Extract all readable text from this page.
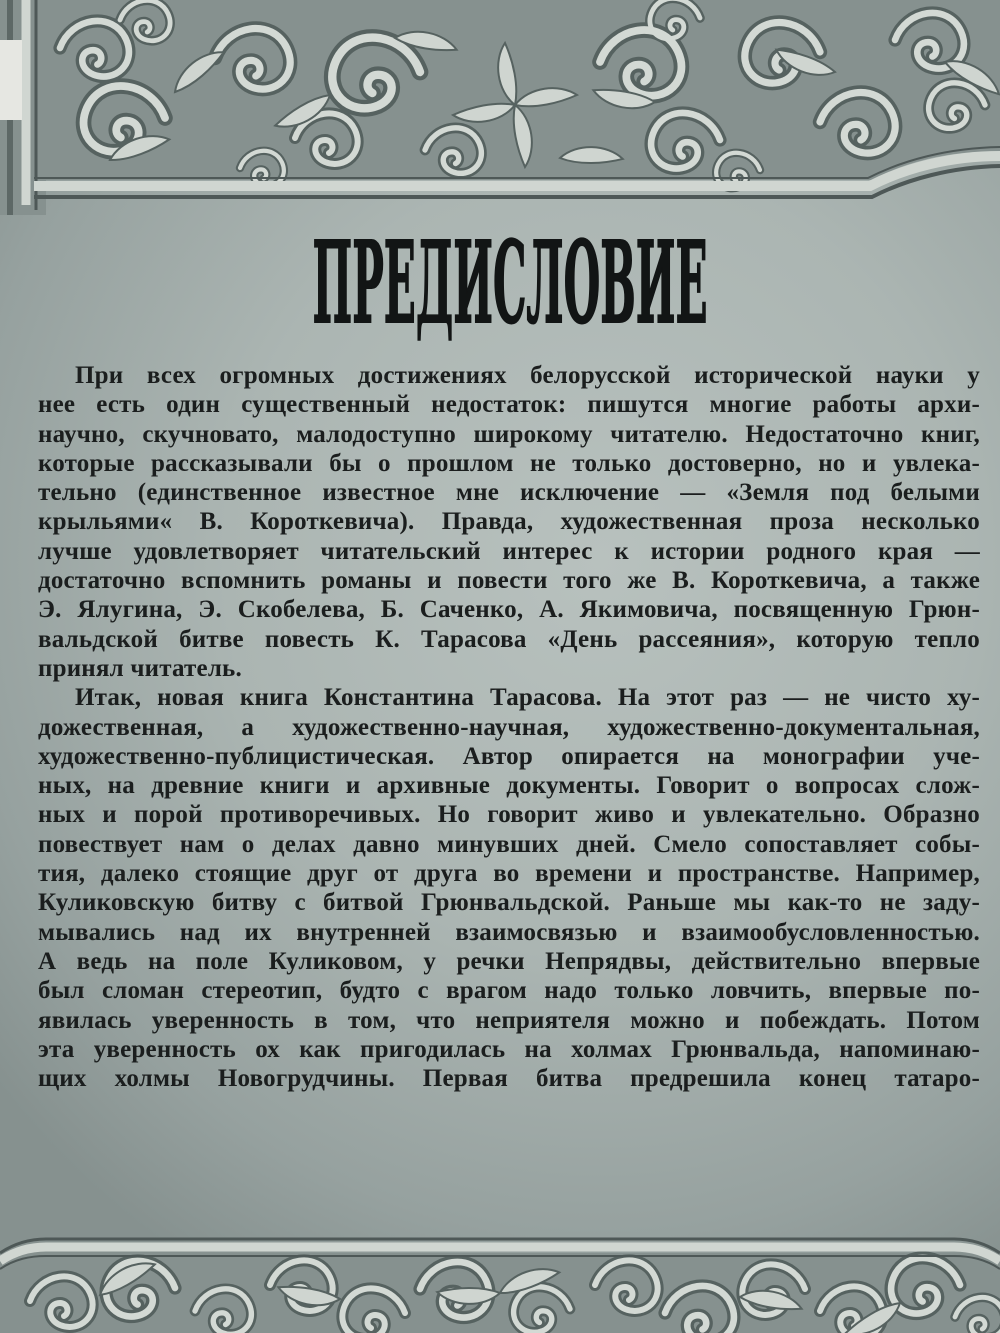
ПРЕДИСЛОВИЕ
При всех огромных достижениях белорусской исторической науки у
нее есть один существенный недостаток: пишутся многие работы архи-
научно, скучновато, малодоступно широкому читателю. Недостаточно книг,
которые рассказывали бы о прошлом не только достоверно, но и увлека-
тельно (единственное известное мне исключение — «Земля под белыми
крыльями« В. Короткевича). Правда, художественная проза несколько
лучше удовлетворяет читательский интерес к истории родного края —
достаточно вспомнить романы и повести того же В. Короткевича, а также
Э. Ялугина, Э. Скобелева, Б. Саченко, А. Якимовича, посвященную Грюн-
вальдской битве повесть К. Тарасова «День рассеяния», которую тепло
принял читатель.
Итак, новая книга Константина Тарасова. На этот раз — не чисто ху-
дожественная, а художественно-научная, художественно-документальная,
художественно-публицистическая. Автор опирается на монографии уче-
ных, на древние книги и архивные документы. Говорит о вопросах слож-
ных и порой противоречивых. Но говорит живо и увлекательно. Образно
повествует нам о делах давно минувших дней. Смело сопоставляет собы-
тия, далеко стоящие друг от друга во времени и пространстве. Например,
Куликовскую битву с битвой Грюнвальдской. Раньше мы как-то не заду-
мывались над их внутренней взаимосвязью и взаимообусловленностью.
А ведь на поле Куликовом, у речки Непрядвы, действительно впервые
был сломан стереотип, будто с врагом надо только ловчить, впервые по-
явилась уверенность в том, что неприятеля можно и побеждать. Потом
эта уверенность ох как пригодилась на холмах Грюнвальда, напоминаю-
щих холмы Новогрудчины. Первая битва предрешила конец татаро-
